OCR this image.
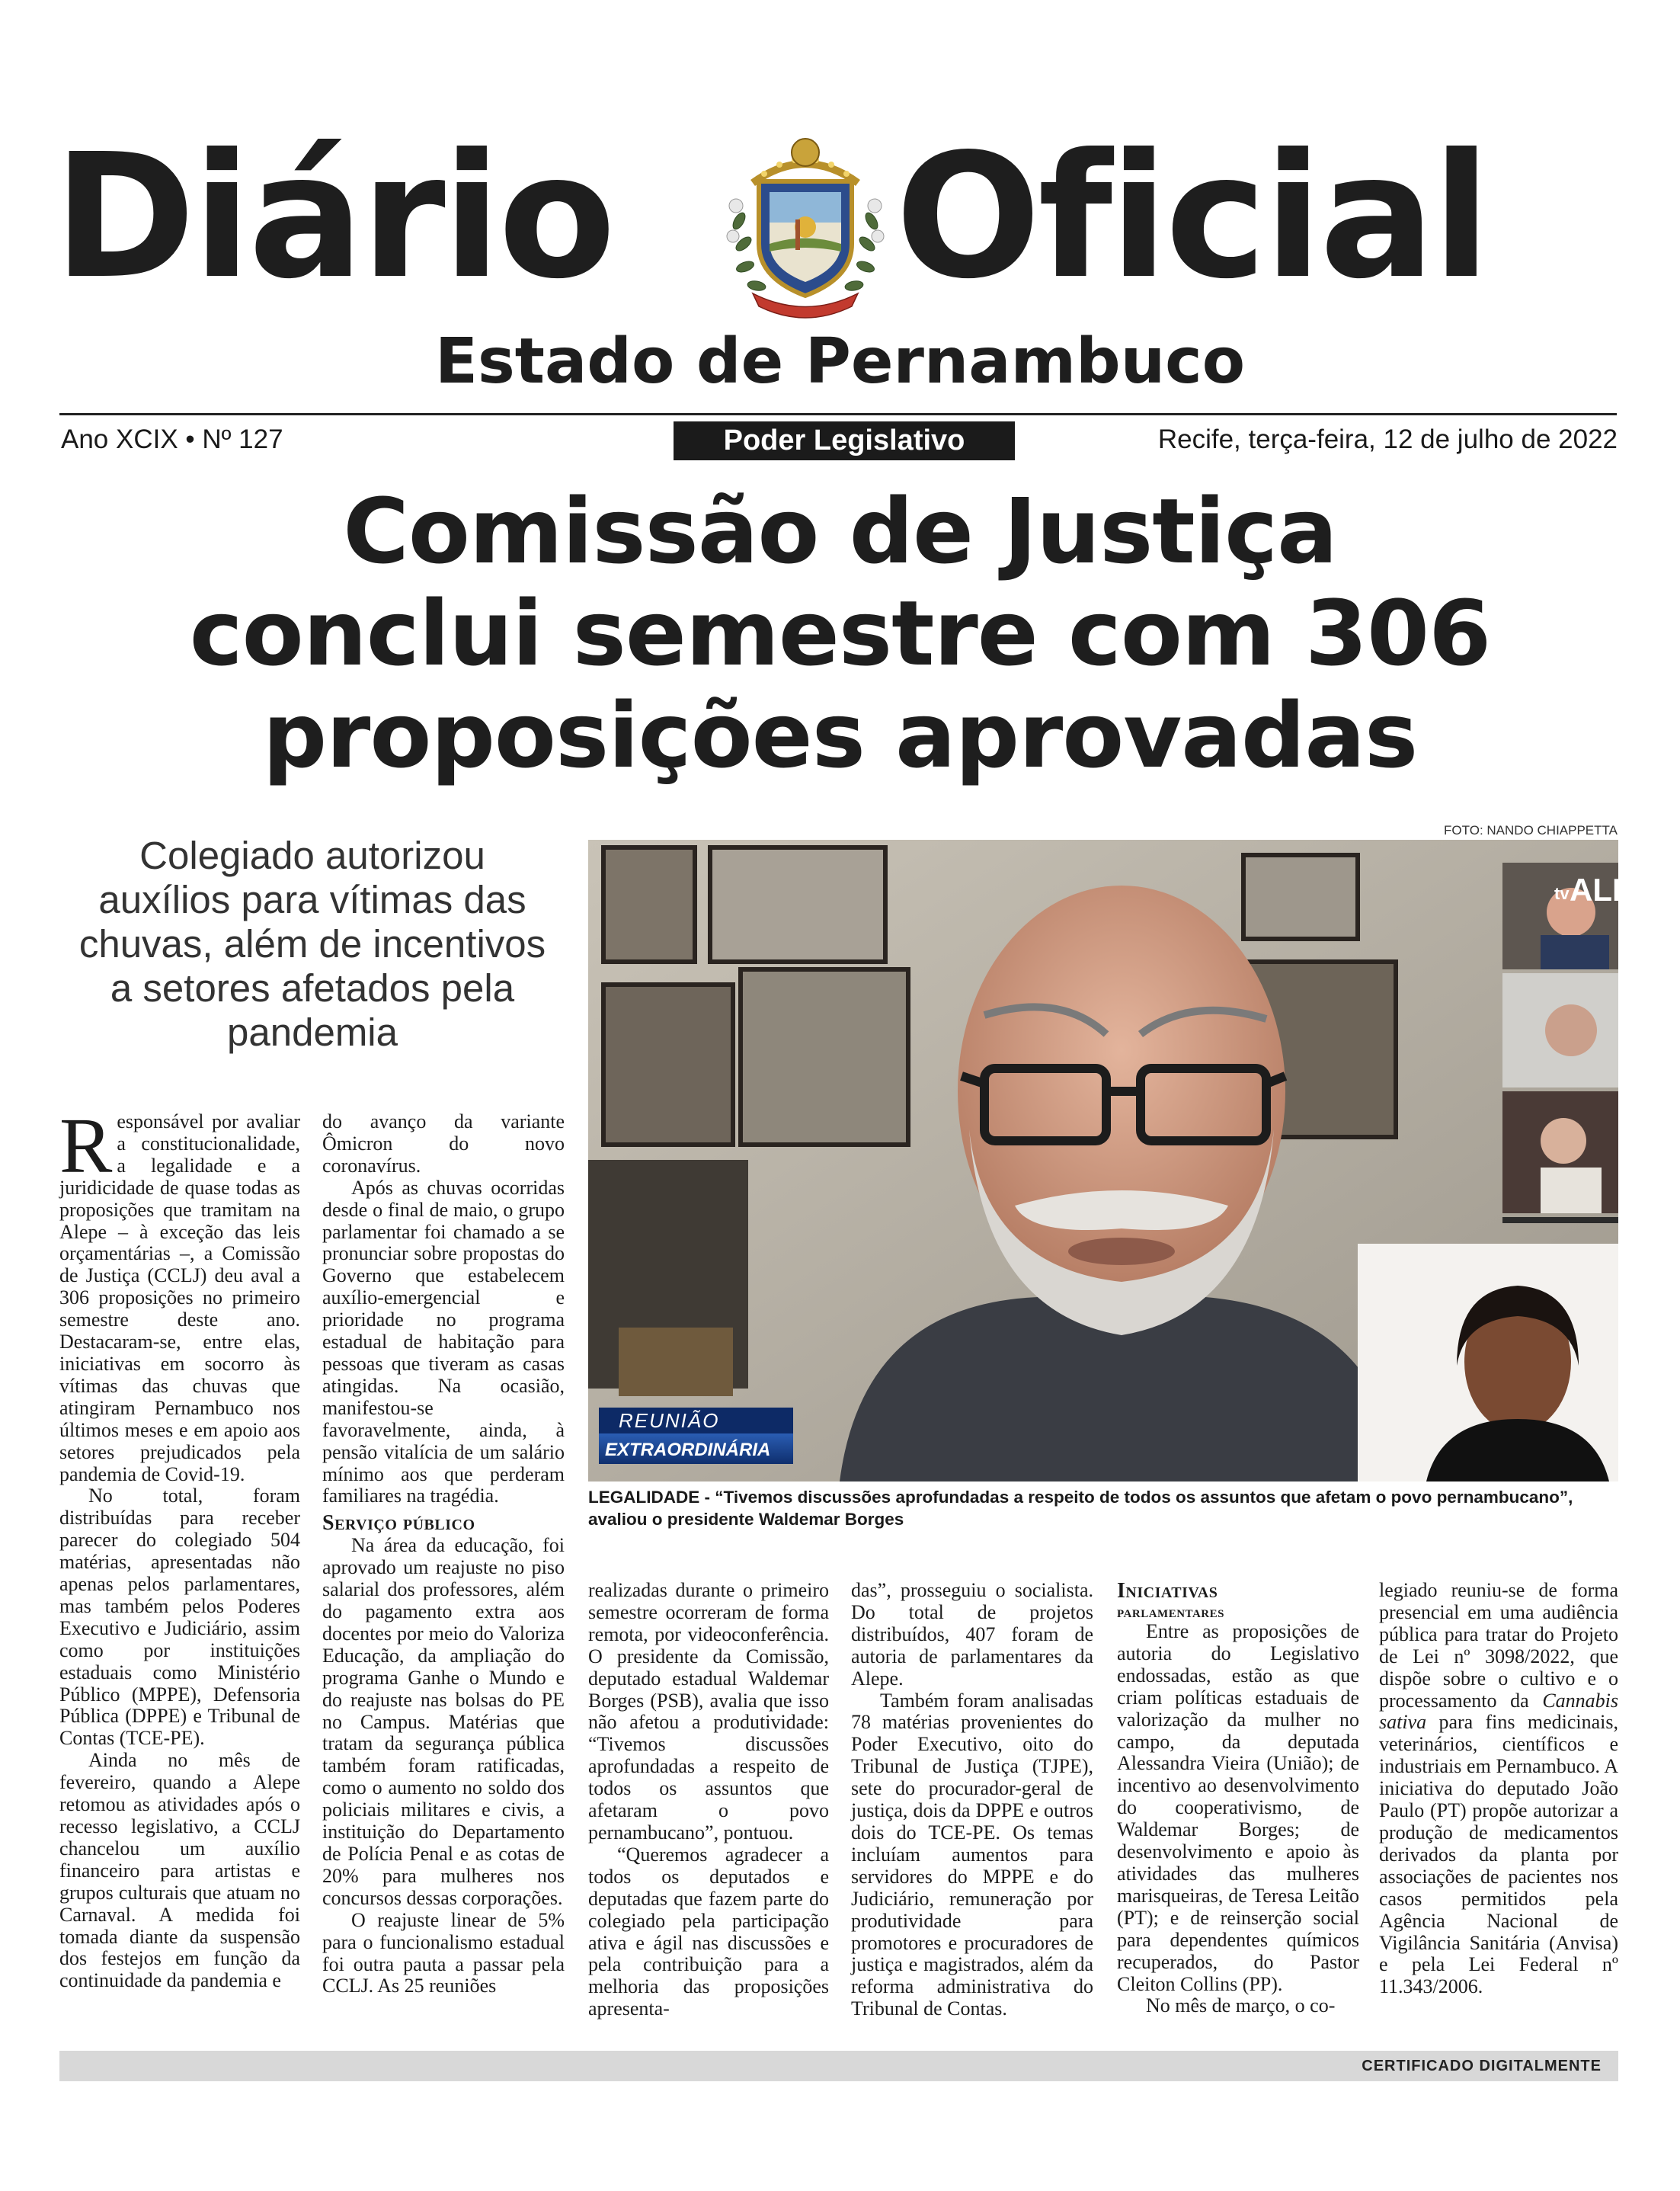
Diário Oficial
Estado de Pernambuco
Ano XCIX • Nº 127	Poder Legislativo	Recife, terça-feira, 12 de julho de 2022
Comissão de Justiça
conclui semestre com 306
proposições aprovadas
Colegiado autorizou
auxílios para vítimas das
chuvas, além de incentivos
a setores afetados pela
pandemia
FOTO: NANDO CHIAPPETTA
tv ALE
REUNIÃO
EXTRAORDINÁRIA
LEGALIDADE - “Tivemos discussões aprofundadas a respeito de todos os assuntos que afetam o povo pernambucano”,
avaliou o presidente Waldemar Borges

Responsável por avaliar a constitucionalidade, a legalidade e a juridicidade de quase todas as proposições que tramitam na Alepe – à exceção das leis orçamentárias –, a Comissão de Justiça (CCLJ) deu aval a 306 proposições no primeiro semestre deste ano. Destacaram-se, entre elas, iniciativas em socorro às vítimas das chuvas que atingiram Pernambuco nos últimos meses e em apoio aos setores prejudicados pela pandemia de Covid-19.

No total, foram distribuídas para receber parecer do colegiado 504 matérias, apresentadas não apenas pelos parlamentares, mas também pelos Poderes Executivo e Judiciário, assim como por instituições estaduais como Ministério Público (MPPE), Defensoria Pública (DPPE) e Tribunal de Contas (TCE-PE).

Ainda no mês de fevereiro, quando a Alepe retomou as atividades após o recesso legislativo, a CCLJ chancelou um auxílio financeiro para artistas e grupos culturais que atuam no Carnaval. A medida foi tomada diante da suspensão dos festejos em função da continuidade da pandemia e

do avanço da variante Ômicron do novo coronavírus.

Após as chuvas ocorridas desde o final de maio, o grupo parlamentar foi chamado a se pronunciar sobre propostas do Governo que estabelecem auxílio-emergencial e prioridade no programa estadual de habitação para pessoas que tiveram as casas atingidas. Na ocasião, manifestou-se favoravelmente, ainda, à pensão vitalícia de um salário mínimo aos que perderam familiares na tragédia.

Serviço público

Na área da educação, foi aprovado um reajuste no piso salarial dos professores, além do pagamento extra aos docentes por meio do Valoriza Educação, da ampliação do programa Ganhe o Mundo e do reajuste nas bolsas do PE no Campus. Matérias que tratam da segurança pública também foram ratificadas, como o aumento no soldo dos policiais militares e civis, a instituição do Departamento de Polícia Penal e as cotas de 20% para mulheres nos concursos dessas corporações.

O reajuste linear de 5% para o funcionalismo estadual foi outra pauta a passar pela CCLJ. As 25 reuniões

realizadas durante o primeiro semestre ocorreram de forma remota, por videoconferência. O presidente da Comissão, deputado estadual Waldemar Borges (PSB), avalia que isso não afetou a produtividade: “Tivemos discussões aprofundadas a respeito de todos os assuntos que afetaram o povo pernambucano”, pontuou.

“Queremos agradecer a todos os deputados e deputadas que fazem parte do colegiado pela participação ativa e ágil nas discussões e pela contribuição para a melhoria das proposições apresenta-

das”, prosseguiu o socialista. Do total de projetos distribuídos, 407 foram de autoria de parlamentares da Alepe.

Também foram analisadas 78 matérias provenientes do Poder Executivo, oito do Tribunal de Justiça (TJPE), sete do procurador-geral de justiça, dois da DPPE e outros dois do TCE-PE. Os temas incluíam aumentos para servidores do MPPE e do Judiciário, remuneração por produtividade para promotores e procuradores de justiça e magistrados, além da reforma administrativa do Tribunal de Contas.

Iniciativas
parlamentares

Entre as proposições de autoria do Legislativo endossadas, estão as que criam políticas estaduais de valorização da mulher no campo, da deputada Alessandra Vieira (União); de incentivo ao desenvolvimento do cooperativismo, de Waldemar Borges; de desenvolvimento e apoio às atividades das mulheres marisqueiras, de Teresa Leitão (PT); e de reinserção social para dependentes químicos recuperados, do Pastor Cleiton Collins (PP).

No mês de março, o co-

legiado reuniu-se de forma presencial em uma audiência pública para tratar do Projeto de Lei nº 3098/2022, que dispõe sobre o cultivo e o processamento da Cannabis sativa para fins medicinais, veterinários, científicos e industriais em Pernambuco. A iniciativa do deputado João Paulo (PT) propõe autorizar a produção de medicamentos derivados da planta por associações de pacientes nos casos permitidos pela Agência Nacional de Vigilância Sanitária (Anvisa) e pela Lei Federal nº 11.343/2006.

CERTIFICADO DIGITALMENTE
